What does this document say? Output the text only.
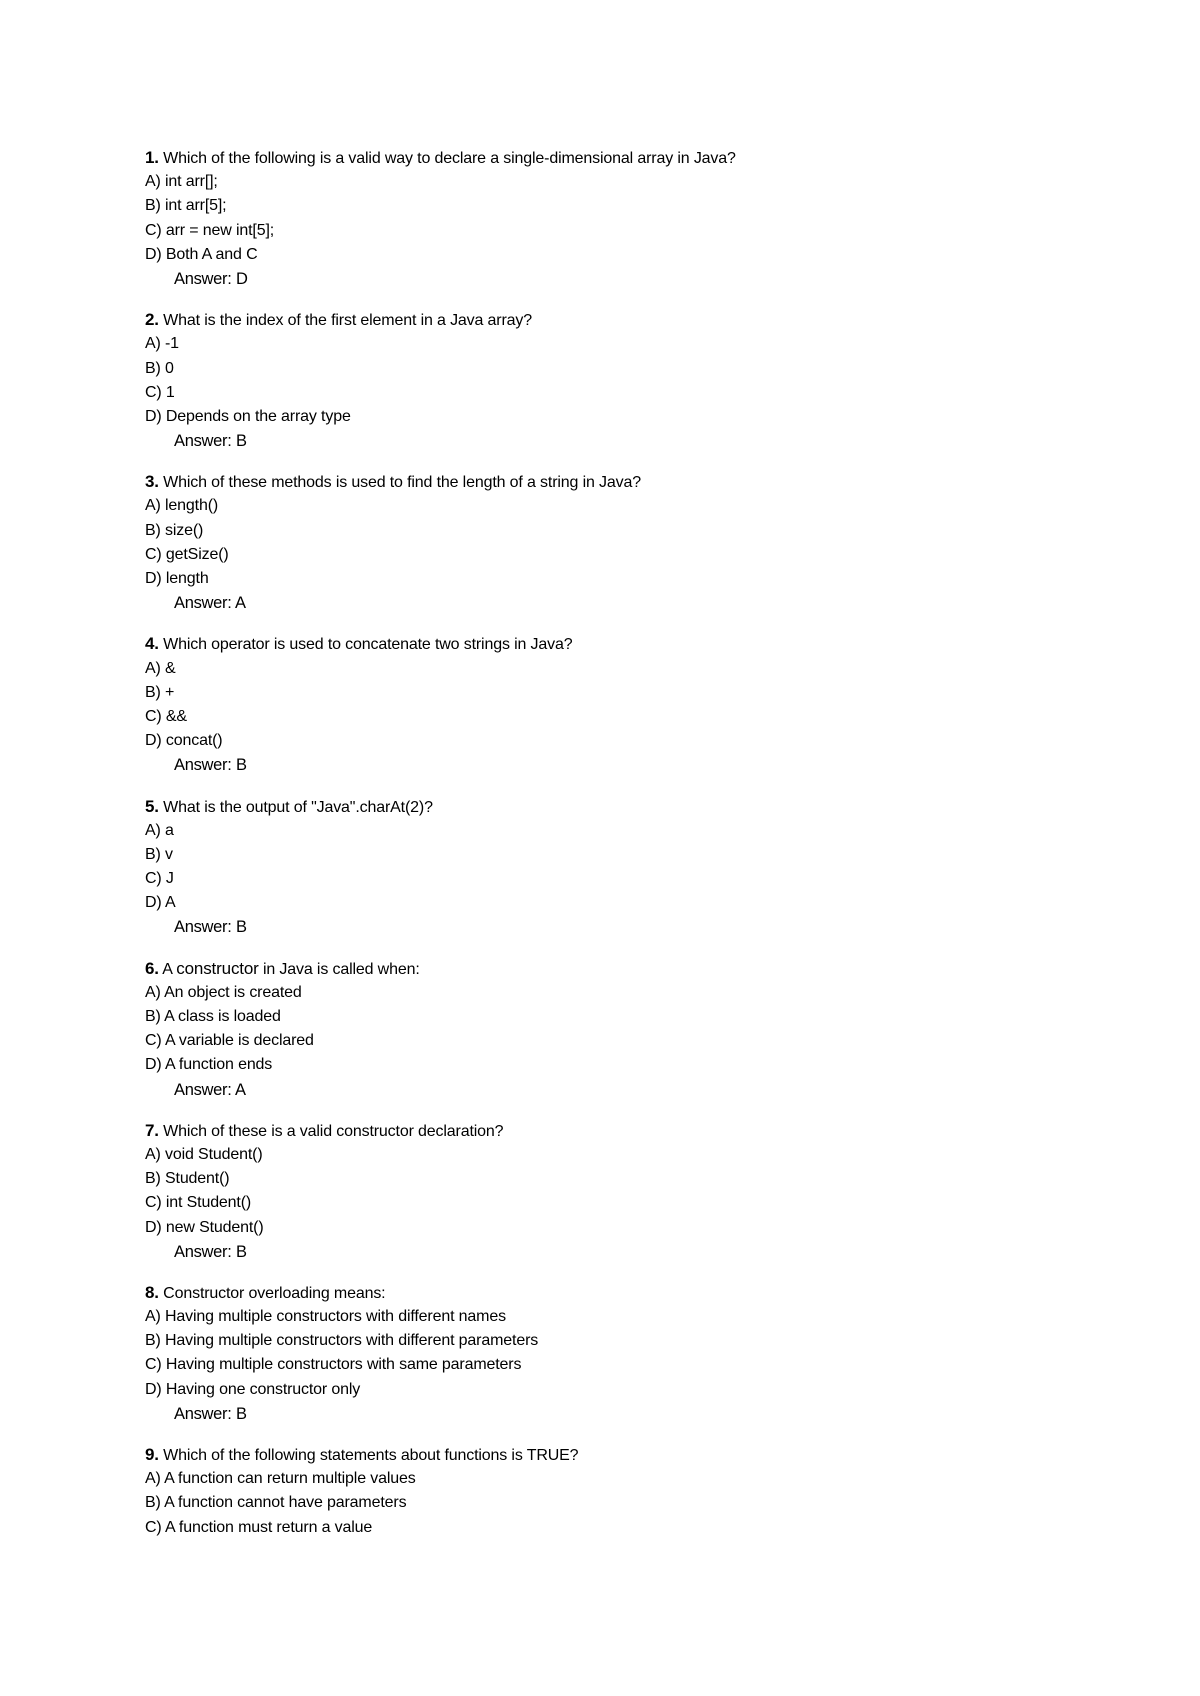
1. Which of the following is a valid way to declare a single-dimensional array in Java?
A) int arr[];
B) int arr[5];
C) arr = new int[5];
D) Both A and C
Answer: D
2. What is the index of the first element in a Java array?
A) -1
B) 0
C) 1
D) Depends on the array type
Answer: B
3. Which of these methods is used to find the length of a string in Java?
A) length()
B) size()
C) getSize()
D) length
Answer: A
4. Which operator is used to concatenate two strings in Java?
A) &
B) +
C) &&
D) concat()
Answer: B
5. What is the output of "Java".charAt(2)?
A) a
B) v
C) J
D) A
Answer: B
6. A constructor in Java is called when:
A) An object is created
B) A class is loaded
C) A variable is declared
D) A function ends
Answer: A
7. Which of these is a valid constructor declaration?
A) void Student()
B) Student()
C) int Student()
D) new Student()
Answer: B
8. Constructor overloading means:
A) Having multiple constructors with different names
B) Having multiple constructors with different parameters
C) Having multiple constructors with same parameters
D) Having one constructor only
Answer: B
9. Which of the following statements about functions is TRUE?
A) A function can return multiple values
B) A function cannot have parameters
C) A function must return a value
